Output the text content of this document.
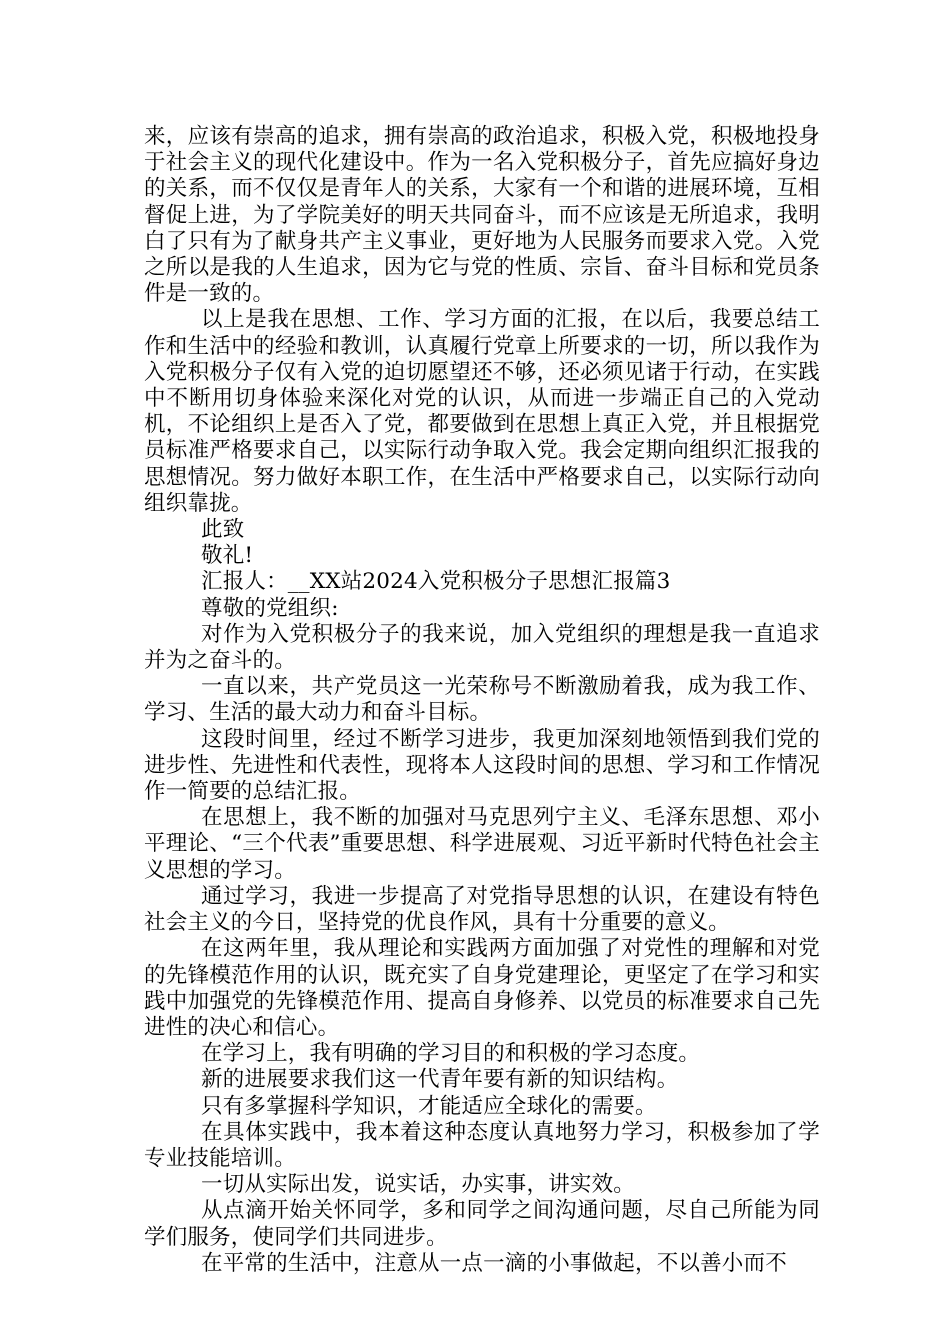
来，应该有崇高的追求，拥有崇高的政治追求，积极入党，积极地投身于社会主义的现代化建设中。作为一名入党积极分子，首先应搞好身边的关系，而不仅仅是青年人的关系，大家有一个和谐的进展环境，互相督促上进，为了学院美好的明天共同奋斗，而不应该是无所追求，我明白了只有为了献身共产主义事业，更好地为人民服务而要求入党。入党之所以是我的人生追求，因为它与党的性质、宗旨、奋斗目标和党员条件是一致的。

以上是我在思想、工作、学习方面的汇报，在以后，我要总结工作和生活中的经验和教训，认真履行党章上所要求的一切，所以我作为入党积极分子仅有入党的迫切愿望还不够，还必须见诸于行动，在实践中不断用切身体验来深化对党的认识，从而进一步端正自己的入党动机，不论组织上是否入了党，都要做到在思想上真正入党，并且根据党员标准严格要求自己，以实际行动争取入党。我会定期向组织汇报我的思想情况。努力做好本职工作，在生活中严格要求自己，以实际行动向组织靠拢。

此致

敬礼!

汇报人：__XX站2024入党积极分子思想汇报篇3

尊敬的党组织:

对作为入党积极分子的我来说，加入党组织的理想是我一直追求并为之奋斗的。

一直以来，共产党员这一光荣称号不断激励着我，成为我工作、学习、生活的最大动力和奋斗目标。

这段时间里，经过不断学习进步，我更加深刻地领悟到我们党的进步性、先进性和代表性，现将本人这段时间的思想、学习和工作情况作一简要的总结汇报。

在思想上，我不断的加强对马克思列宁主义、毛泽东思想、邓小平理论、“三个代表”重要思想、科学进展观、习近平新时代特色社会主义思想的学习。

通过学习，我进一步提高了对党指导思想的认识，在建设有特色社会主义的今日，坚持党的优良作风，具有十分重要的意义。

在这两年里，我从理论和实践两方面加强了对党性的理解和对党的先锋模范作用的认识，既充实了自身党建理论，更坚定了在学习和实践中加强党的先锋模范作用、提高自身修养、以党员的标准要求自己先进性的决心和信心。

在学习上，我有明确的学习目的和积极的学习态度。

新的进展要求我们这一代青年要有新的知识结构。

只有多掌握科学知识，才能适应全球化的需要。

在具体实践中，我本着这种态度认真地努力学习，积极参加了学专业技能培训。

一切从实际出发，说实话，办实事，讲实效。

从点滴开始关怀同学，多和同学之间沟通问题，尽自己所能为同学们服务，使同学们共同进步。

在平常的生活中，注意从一点一滴的小事做起，不以善小而不
